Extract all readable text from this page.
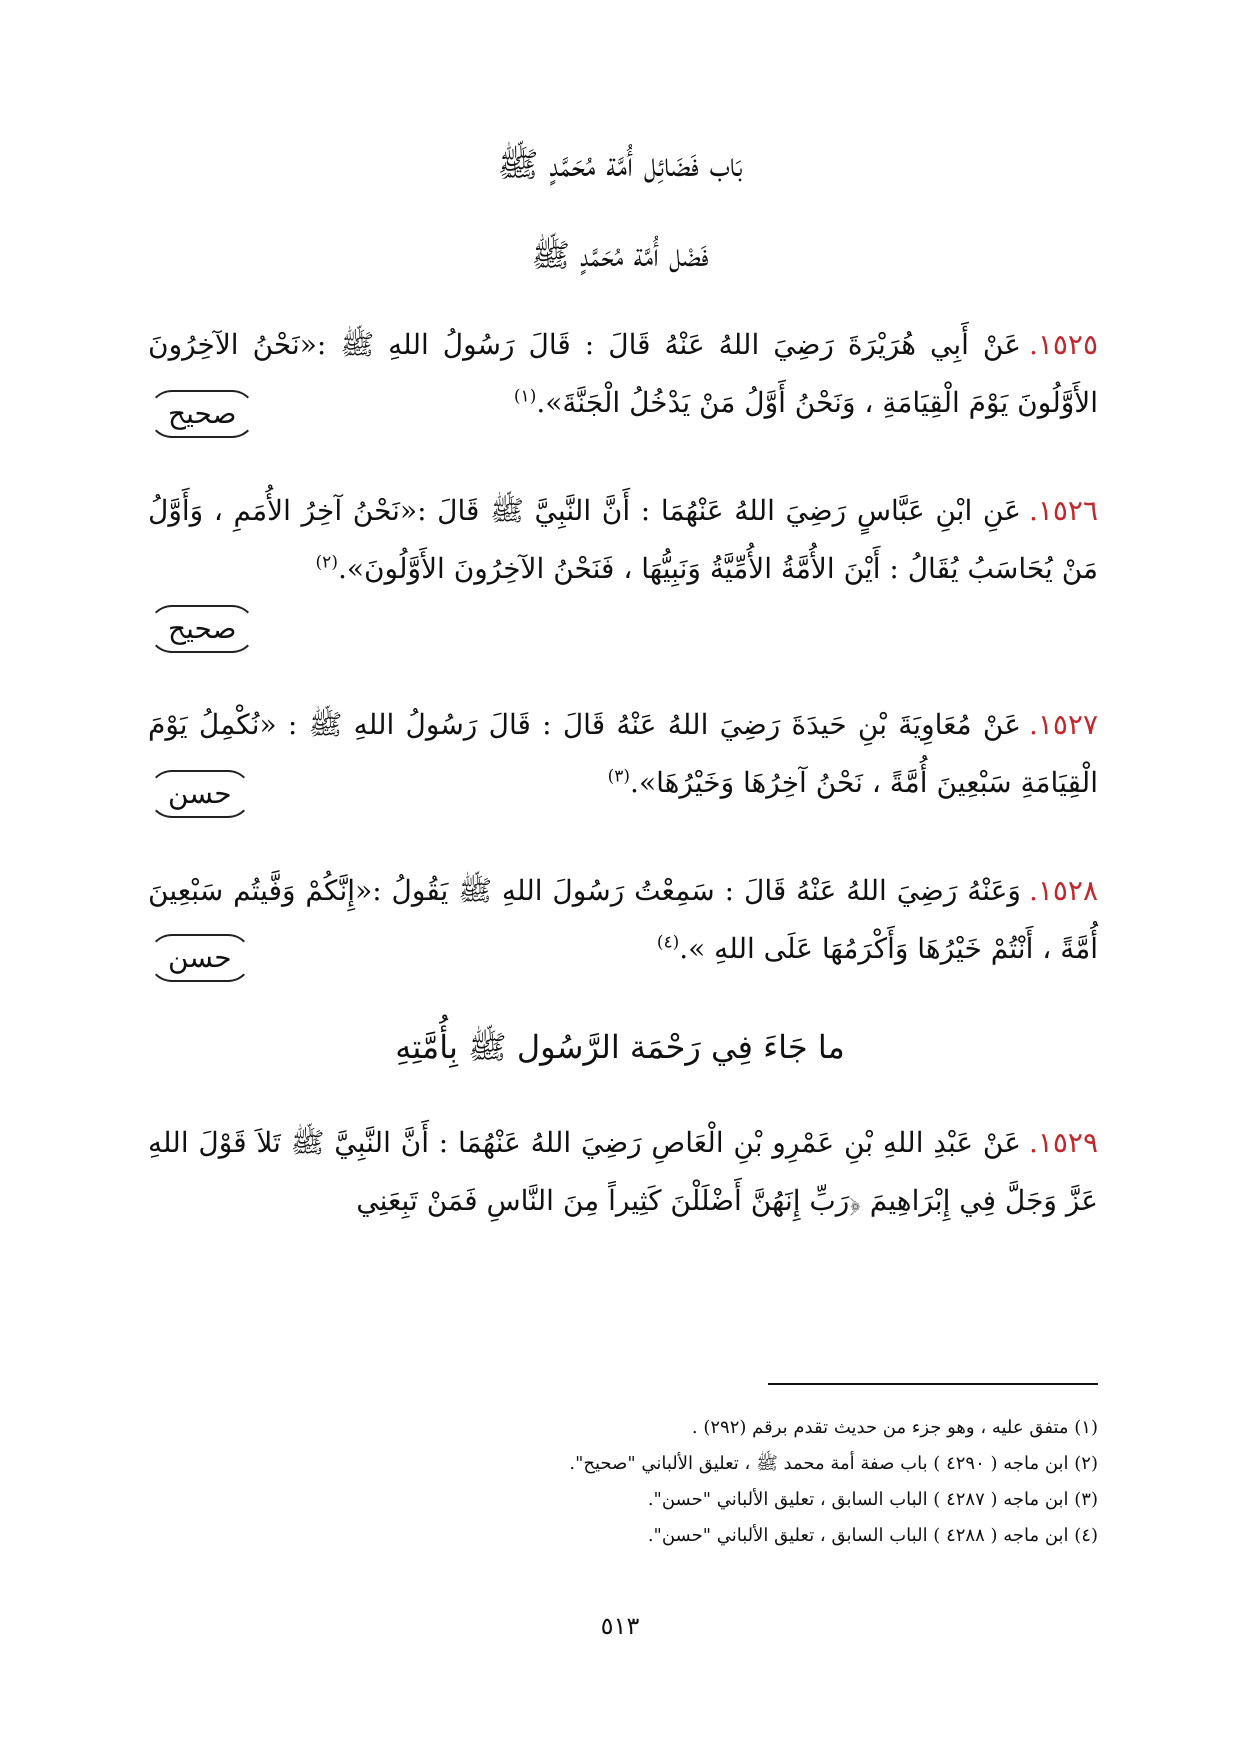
بَاب فَضَائِل أُمَّة مُحَمَّدٍ ﷺ
فَضْل أُمَّة مُحَمَّدٍ ﷺ
١٥٢٥.عَنْ أَبِي هُرَيْرَةَ رَضِيَ اللهُ عَنْهُ قَالَ : قَالَ رَسُولُ اللهِ ﷺ :«نَحْنُ الآخِرُونَ الأَوَّلُونَ يَوْمَ الْقِيَامَةِ ، وَنَحْنُ أَوَّلُ مَنْ يَدْخُلُ الْجَنَّةَ».$^{(١)}$
صحيح
١٥٢٦.عَنِ ابْنِ عَبَّاسٍ رَضِيَ اللهُ عَنْهُمَا : أَنَّ النَّبِيَّ ﷺ قَالَ :«نَحْنُ آخِرُ الأُمَمِ ، وَأَوَّلُ مَنْ يُحَاسَبُ يُقَالُ : أَيْنَ الأُمَّةُ الأُمِّيَّةُ وَنَبِيُّهَا ، فَنَحْنُ الآخِرُونَ الأَوَّلُونَ».$^{(٢)}$
صحيح
١٥٢٧.عَنْ مُعَاوِيَةَ بْنِ حَيدَةَ رَضِيَ اللهُ عَنْهُ قَالَ : قَالَ رَسُولُ اللهِ ﷺ : «نُكْمِلُ يَوْمَ الْقِيَامَةِ سَبْعِينَ أُمَّةً ، نَحْنُ آخِرُهَا وَخَيْرُهَا».$^{(٣)}$
حسن
١٥٢٨.وَعَنْهُ رَضِيَ اللهُ عَنْهُ قَالَ : سَمِعْتُ رَسُولَ اللهِ ﷺ يَقُولُ :«إِنَّكُمْ وَفَّيتُم سَبْعِينَ أُمَّةً ، أَنْتُمْ خَيْرُهَا وَأَكْرَمُهَا عَلَى اللهِ ».$^{(٤)}$
حسن
ما جَاءَ فِي رَحْمَة الرَّسُول ﷺ بِأُمَّتِهِ
١٥٢٩.عَنْ عَبْدِ اللهِ بْنِ عَمْرِو بْنِ الْعَاصِ رَضِيَ اللهُ عَنْهُمَا : أَنَّ النَّبِيَّ ﷺ تَلاَ قَوْلَ اللهِ عَزَّ وَجَلَّ فِي إِبْرَاهِيمَ ﴿رَبِّ إِنَهُنَّ أَضْلَلْنَ كَثِيراً مِنَ النَّاسِ فَمَنْ تَبِعَنِي
(١) متفق عليه ، وهو جزء من حديث تقدم برقم (٢٩٢) .
(٢) ابن ماجه ( ٤٢٩٠ ) باب صفة أمة محمد ﷺ ، تعليق الألباني "صحيح".
(٣) ابن ماجه ( ٤٢٨٧ ) الباب السابق ، تعليق الألباني "حسن".
(٤) ابن ماجه ( ٤٢٨٨ ) الباب السابق ، تعليق الألباني "حسن".
٥١٣
